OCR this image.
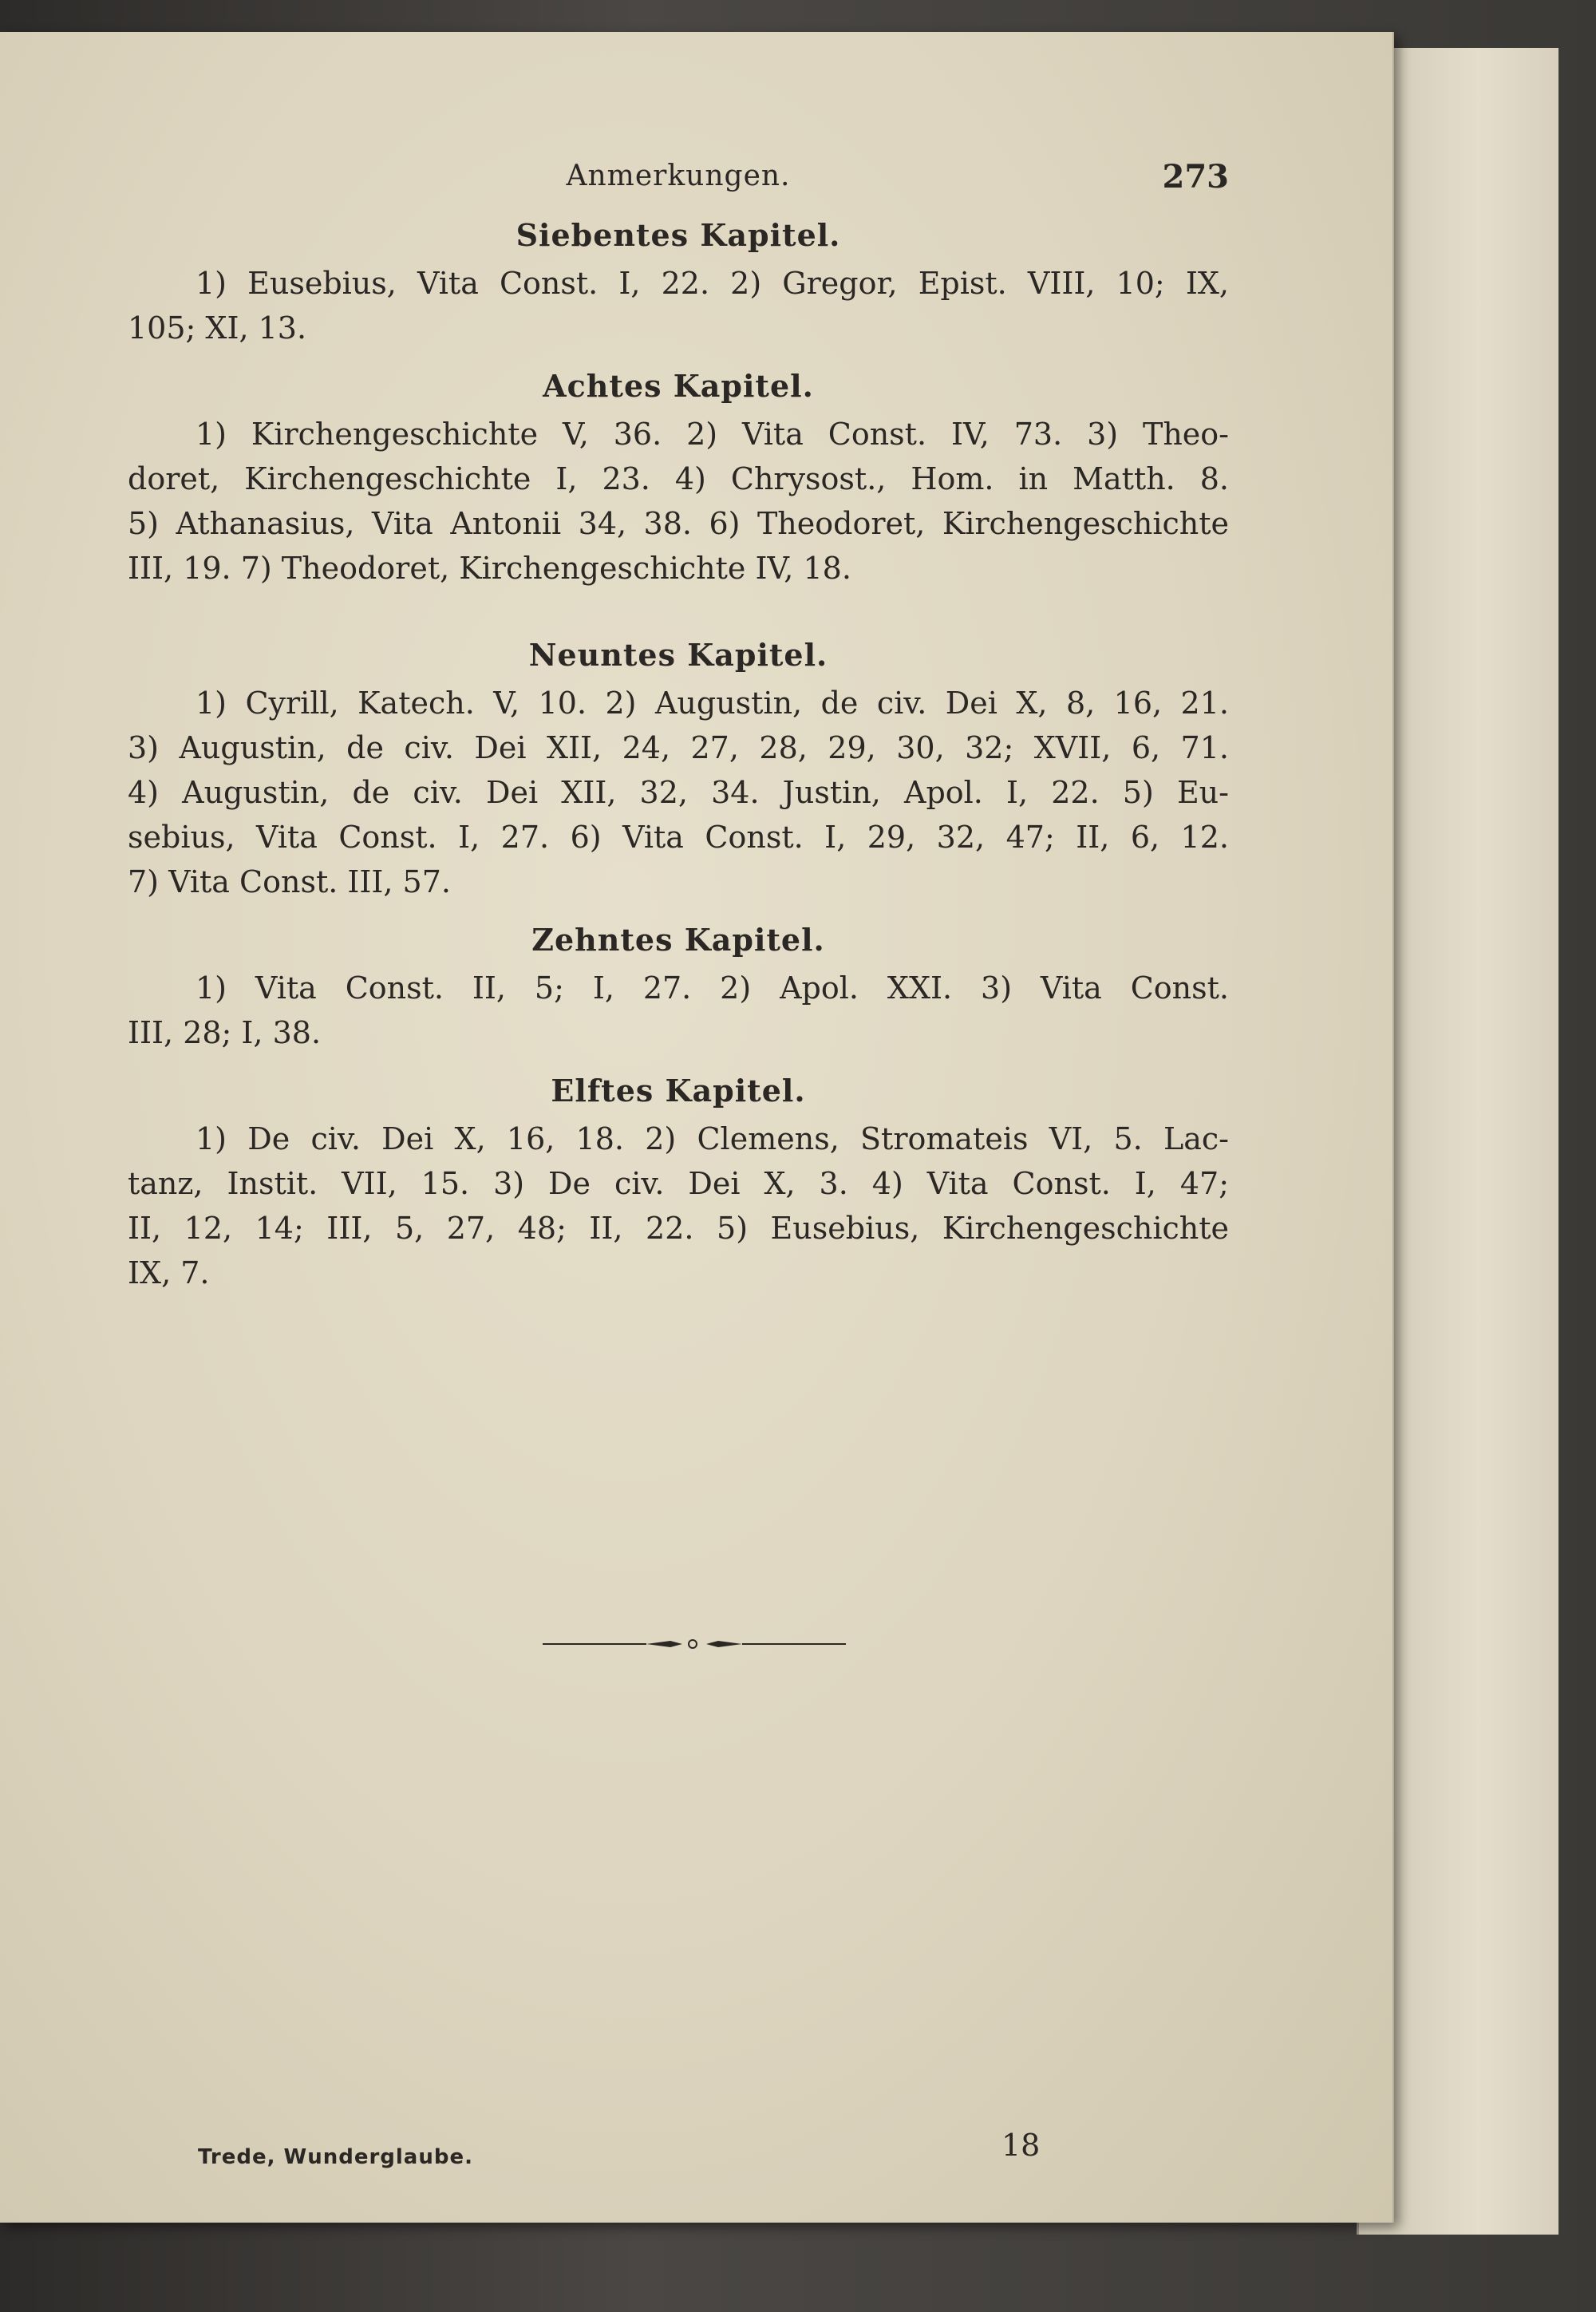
Anmerkungen.	273
Siebentes Kapitel.
1) Eusebius, Vita Const. I, 22. 2) Gregor, Epist. VIII, 10; IX,
105; XI, 13.
Achtes Kapitel.
1) Kirchengeschichte V, 36. 2) Vita Const. IV, 73. 3) Theo-
doret, Kirchengeschichte I, 23. 4) Chrysost., Hom. in Matth. 8.
5) Athanasius, Vita Antonii 34, 38. 6) Theodoret, Kirchengeschichte
III, 19. 7) Theodoret, Kirchengeschichte IV, 18.
Neuntes Kapitel.
1) Cyrill, Katech. V, 10. 2) Augustin, de civ. Dei X, 8, 16, 21.
3) Augustin, de civ. Dei XII, 24, 27, 28, 29, 30, 32; XVII, 6, 71.
4) Augustin, de civ. Dei XII, 32, 34. Justin, Apol. I, 22. 5) Eu-
sebius, Vita Const. I, 27. 6) Vita Const. I, 29, 32, 47; II, 6, 12.
7) Vita Const. III, 57.
Zehntes Kapitel.
1) Vita Const. II, 5; I, 27. 2) Apol. XXI. 3) Vita Const.
III, 28; I, 38.
Elftes Kapitel.
1) De civ. Dei X, 16, 18. 2) Clemens, Stromateis VI, 5. Lac-
tanz, Instit. VII, 15. 3) De civ. Dei X, 3. 4) Vita Const. I, 47;
II, 12, 14; III, 5, 27, 48; II, 22. 5) Eusebius, Kirchengeschichte
IX, 7.
Trede, Wunderglaube.	18
